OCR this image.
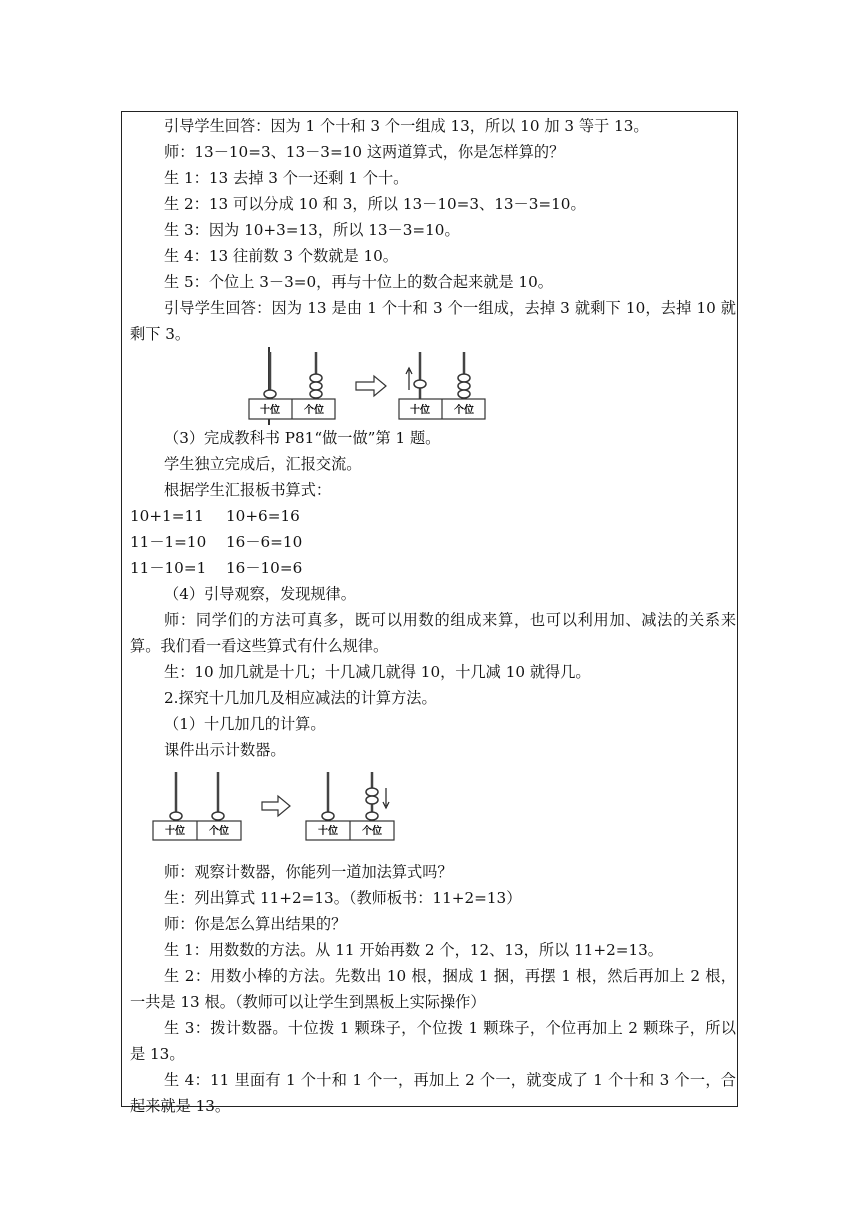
引导学生回答：因为 1 个十和 3 个一组成 13，所以 10 加 3 等于 13。
师：13－10=3、13－3=10 这两道算式，你是怎样算的？
生 1：13 去掉 3 个一还剩 1 个十。
生 2：13 可以分成 10 和 3，所以 13－10=3、13－3=10。
生 3：因为 10+3=13，所以 13－3=10。
生 4：13 往前数 3 个数就是 10。
生 5：个位上 3－3=0，再与十位上的数合起来就是 10。
引导学生回答：因为 13 是由 1 个十和 3 个一组成，去掉 3 就剩下 10，去掉 10 就剩下 3。
（3）完成教科书 P81“做一做”第 1 题。
学生独立完成后，汇报交流。
根据学生汇报板书算式：
10+1=11 10+6=16
11－1=10 16－6=10
11－10=1 16－10=6
（4）引导观察，发现规律。
师：同学们的方法可真多，既可以用数的组成来算，也可以利用加、减法的关系来算。我们看一看这些算式有什么规律。
生：10 加几就是十几；十几减几就得 10，十几减 10 就得几。
2.探究十几加几及相应减法的计算方法。
（1）十几加几的计算。
课件出示计数器。
师：观察计数器，你能列一道加法算式吗？
生：列出算式 11+2=13。（教师板书：11+2=13）
师：你是怎么算出结果的？
生 1：用数数的方法。从 11 开始再数 2 个，12、13，所以 11+2=13。
生 2：用数小棒的方法。先数出 10 根，捆成 1 捆，再摆 1 根，然后再加上 2 根，一共是 13 根。（教师可以让学生到黑板上实际操作）
生 3：拨计数器。十位拨 1 颗珠子，个位拨 1 颗珠子，个位再加上 2 颗珠子，所以是 13。
生 4：11 里面有 1 个十和 1 个一，再加上 2 个一，就变成了 1 个十和 3 个一，合起来就是 13。
十位 个位	十位 个位
十位 个位	十位 个位
